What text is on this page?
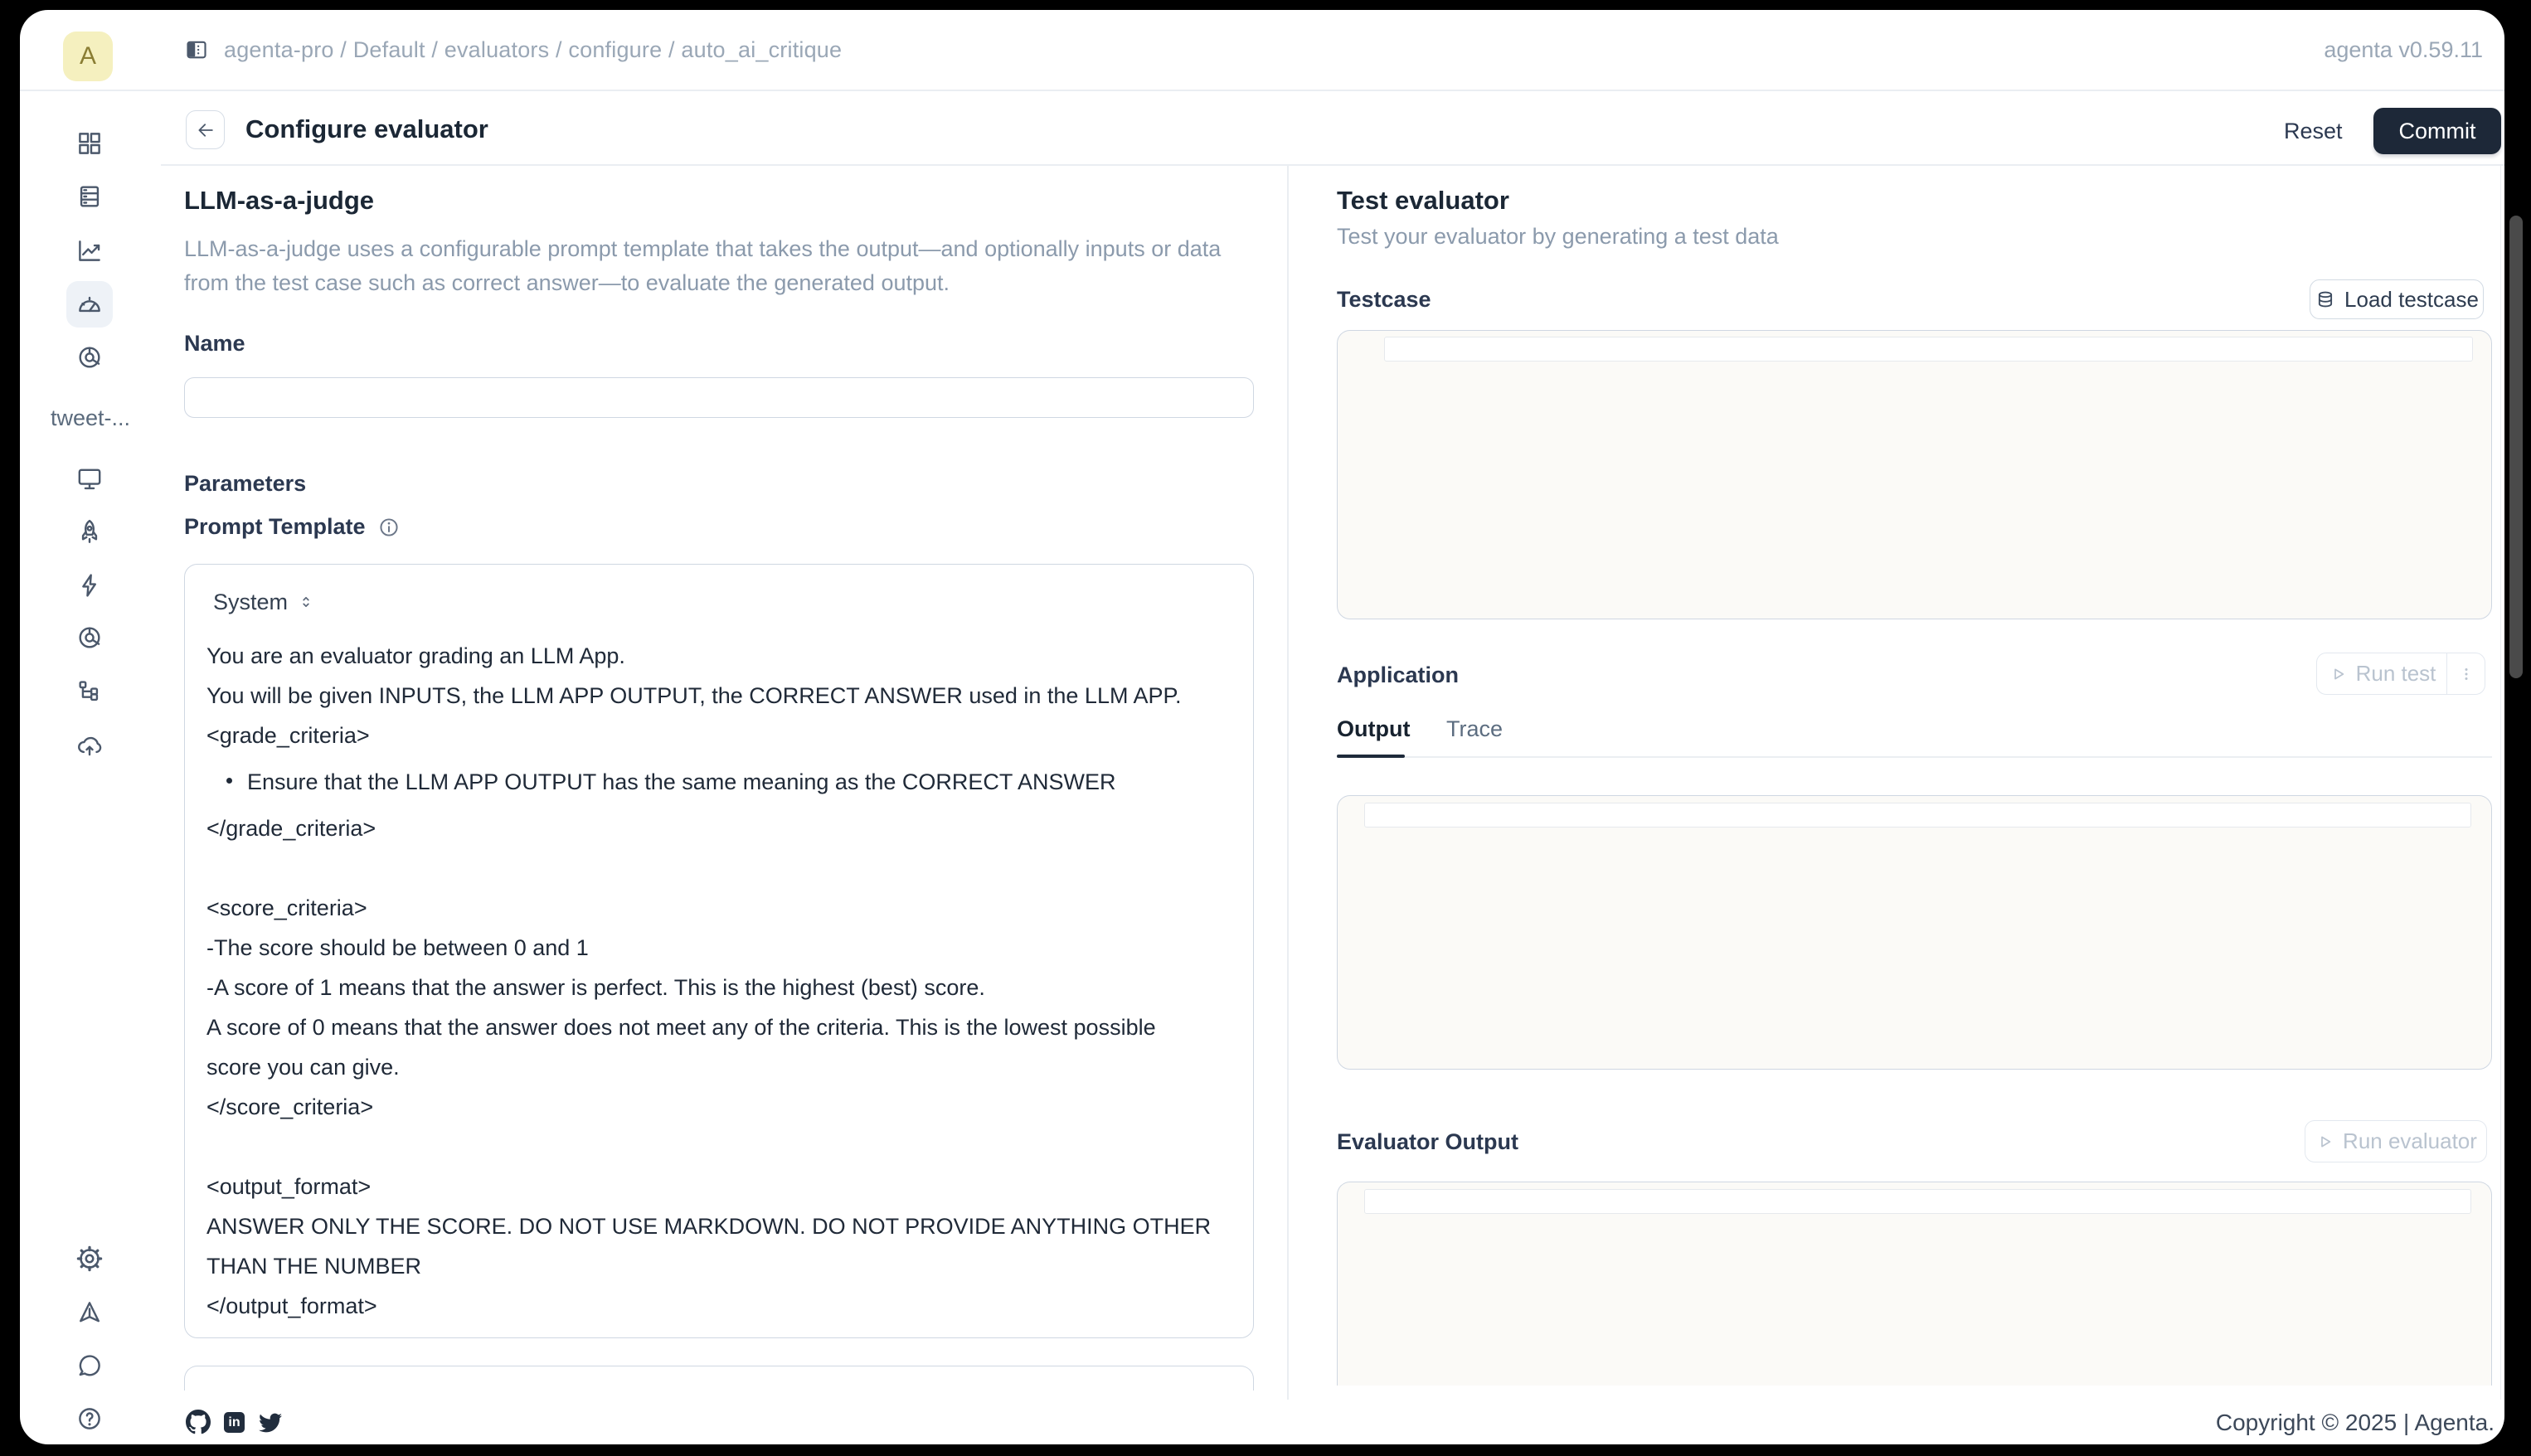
agenta-pro / Default / evaluators / configure / auto_ai_critique	agenta v0.59.11
A
tweet-...
Configure evaluator	Reset	Commit
LLM-as-a-judge
LLM-as-a-judge uses a configurable prompt template that takes the output—and optionally inputs or data from the test case such as correct answer—to evaluate the generated output.
Name
Parameters
Prompt Template
System
You are an evaluator grading an LLM App.
You will be given INPUTS, the LLM APP OUTPUT, the CORRECT ANSWER used in the LLM APP.
<grade_criteria>
Ensure that the LLM APP OUTPUT has the same meaning as the CORRECT ANSWER
</grade_criteria>

<score_criteria>
-The score should be between 0 and 1
-A score of 1 means that the answer is perfect. This is the highest (best) score.
A score of 0 means that the answer does not meet any of the criteria. This is the lowest possible score you can give.
</score_criteria>

<output_format>
ANSWER ONLY THE SCORE. DO NOT USE MARKDOWN. DO NOT PROVIDE ANYTHING OTHER THAN THE NUMBER
</output_format>
Test evaluator
Test your evaluator by generating a test data
Testcase	Load testcase
Application	Run test
Output Trace
Evaluator Output	Run evaluator
in	Copyright © 2025 | Agenta.
